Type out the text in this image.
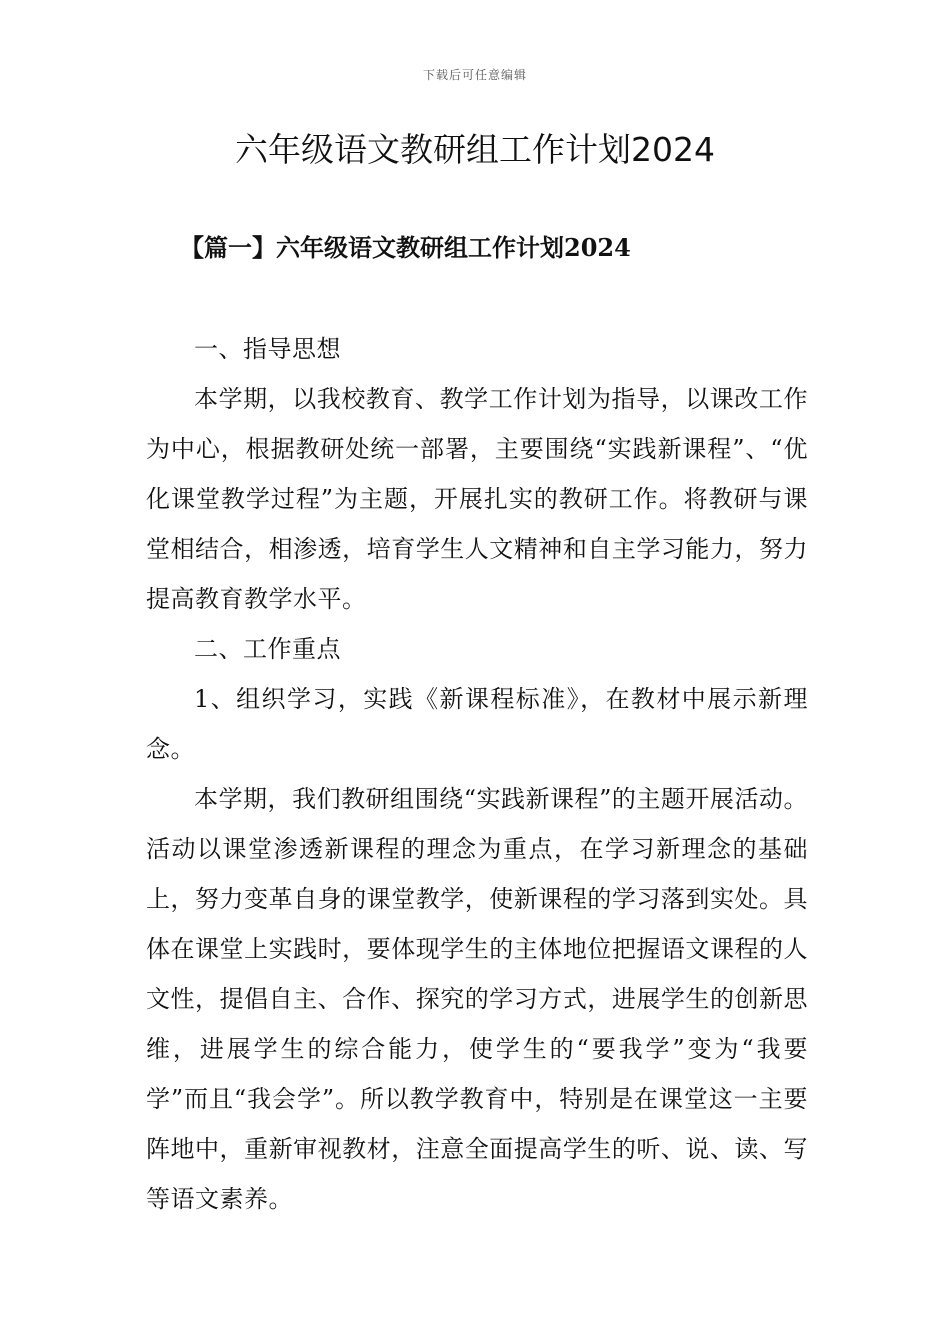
下载后可任意编辑
六年级语文教研组工作计划2024
【篇一】六年级语文教研组工作计划2024

一、指导思想

本学期，以我校教育、教学工作计划为指导，以课改工作为中心，根据教研处统一部署，主要围绕“实践新课程”、“优化课堂教学过程”为主题，开展扎实的教研工作。将教研与课堂相结合，相渗透，培育学生人文精神和自主学习能力，努力提高教育教学水平。

二、工作重点

1、组织学习，实践《新课程标准》，在教材中展示新理念。

本学期，我们教研组围绕“实践新课程”的主题开展活动。活动以课堂渗透新课程的理念为重点，在学习新理念的基础上，努力变革自身的课堂教学，使新课程的学习落到实处。具体在课堂上实践时，要体现学生的主体地位把握语文课程的人文性，提倡自主、合作、探究的学习方式，进展学生的创新思维，进展学生的综合能力，使学生的“要我学”变为“我要学”而且“我会学”。所以教学教育中，特别是在课堂这一主要阵地中，重新审视教材，注意全面提高学生的听、说、读、写等语文素养。
